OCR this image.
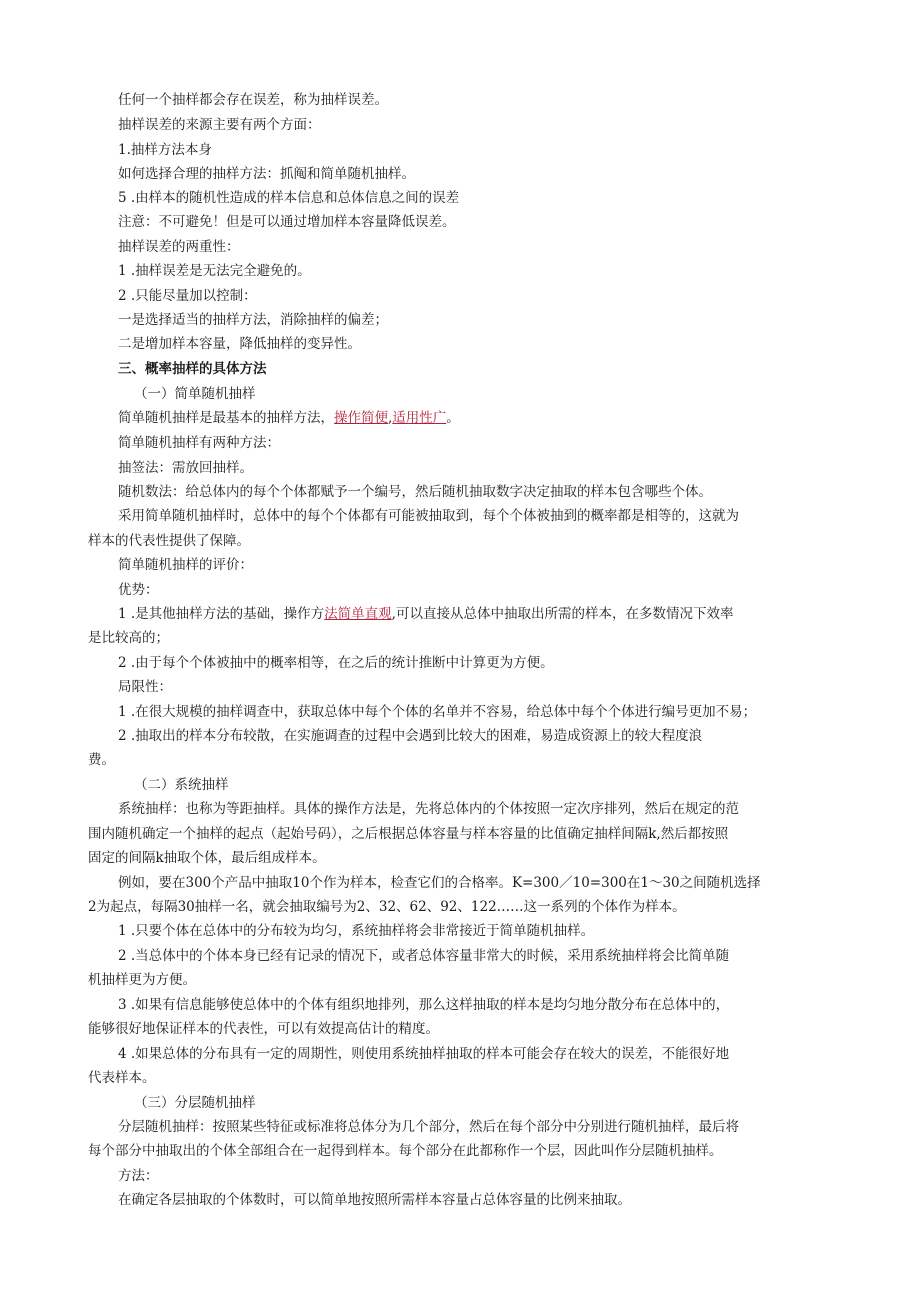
任何一个抽样都会存在误差，称为抽样误差。
抽样误差的来源主要有两个方面：
1.抽样方法本身
如何选择合理的抽样方法：抓阄和简单随机抽样。
5 .由样本的随机性造成的样本信息和总体信息之间的误差
注意：不可避免！但是可以通过增加样本容量降低误差。
抽样误差的两重性：
1 .抽样误差是无法完全避免的。
2 .只能尽量加以控制：
一是选择适当的抽样方法，消除抽样的偏差；
二是增加样本容量，降低抽样的变异性。
三、概率抽样的具体方法
（一）简单随机抽样
简单随机抽样是最基本的抽样方法，操作简便,适用性广。
简单随机抽样有两种方法：
抽签法：需放回抽样。
随机数法：给总体内的每个个体都赋予一个编号，然后随机抽取数字决定抽取的样本包含哪些个体。
采用简单随机抽样时，总体中的每个个体都有可能被抽取到，每个个体被抽到的概率都是相等的，这就为
样本的代表性提供了保障。
简单随机抽样的评价：
优势：
1 .是其他抽样方法的基础，操作方法简单直观,可以直接从总体中抽取出所需的样本，在多数情况下效率
是比较高的；
2 .由于每个个体被抽中的概率相等，在之后的统计推断中计算更为方便。
局限性：
1 .在很大规模的抽样调查中，获取总体中每个个体的名单并不容易，给总体中每个个体进行编号更加不易；
2 .抽取出的样本分布较散，在实施调查的过程中会遇到比较大的困难，易造成资源上的较大程度浪
费。
（二）系统抽样
系统抽样：也称为等距抽样。具体的操作方法是，先将总体内的个体按照一定次序排列，然后在规定的范
围内随机确定一个抽样的起点（起始号码），之后根据总体容量与样本容量的比值确定抽样间隔k,然后都按照
固定的间隔k抽取个体，最后组成样本。
例如，要在300个产品中抽取10个作为样本，检查它们的合格率。K=300／10=300在1～30之间随机选择
2为起点，每隔30抽样一名，就会抽取编号为2、32、62、92、122……这一系列的个体作为样本。
1 .只要个体在总体中的分布较为均匀，系统抽样将会非常接近于简单随机抽样。
2 .当总体中的个体本身已经有记录的情况下，或者总体容量非常大的时候，采用系统抽样将会比简单随
机抽样更为方便。
3 .如果有信息能够使总体中的个体有组织地排列，那么这样抽取的样本是均匀地分散分布在总体中的，
能够很好地保证样本的代表性，可以有效提高估计的精度。
4 .如果总体的分布具有一定的周期性，则使用系统抽样抽取的样本可能会存在较大的误差，不能很好地
代表样本。
（三）分层随机抽样
分层随机抽样：按照某些特征或标准将总体分为几个部分，然后在每个部分中分别进行随机抽样，最后将
每个部分中抽取出的个体全部组合在一起得到样本。每个部分在此都称作一个层，因此叫作分层随机抽样。
方法：
在确定各层抽取的个体数时，可以简单地按照所需样本容量占总体容量的比例来抽取。
